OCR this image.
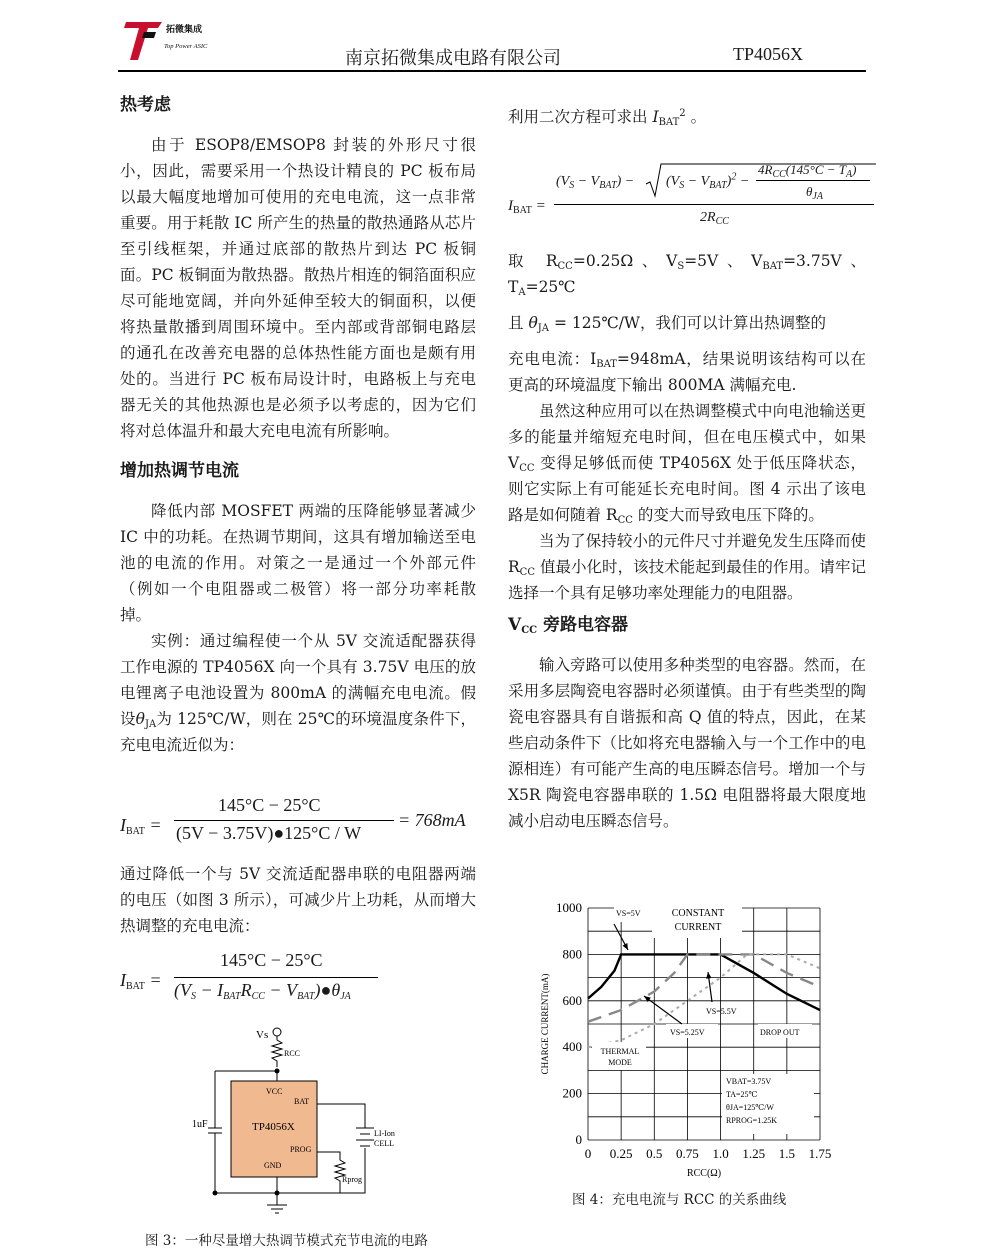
拓微集成
Top Power ASIC
南京拓微集成电路有限公司	TP4056X
热考虑

由于 ESOP8/EMSOP8 封装的外形尺寸很小，因此，需要采用一个热设计精良的 PC 板布局以最大幅度地增加可使用的充电电流，这一点非常重要。用于耗散 IC 所产生的热量的散热通路从芯片至引线框架，并通过底部的散热片到达 PC 板铜面。PC 板铜面为散热器。散热片相连的铜箔面积应尽可能地宽阔，并向外延伸至较大的铜面积，以便将热量散播到周围环境中。至内部或背部铜电路层的通孔在改善充电器的总体热性能方面也是颇有用处的。当进行 PC 板布局设计时，电路板上与充电器无关的其他热源也是必须予以考虑的，因为它们将对总体温升和最大充电电流有所影响。

增加热调节电流

降低内部 MOSFET 两端的压降能够显著减少 IC 中的功耗。在热调节期间，这具有增加输送至电池的电流的作用。对策之一是通过一个外部元件（例如一个电阻器或二极管）将一部分功率耗散掉。

实例：通过编程使一个从 5V 交流适配器获得工作电源的 TP4056X 向一个具有 3.75V 电压的放电锂离子电池设置为 800mA 的满幅充电电流。假设$\theta_{JA}$为 125℃/W，则在 25℃的环境温度条件下，充电电流近似为：

$I_{BAT}$ =
145°C − 25°C
(5V − 3.75V)●125°C / W
= 768mA

通过降低一个与 5V 交流适配器串联的电阻器两端的电压（如图 3 所示），可减少片上功耗，从而增大热调整的充电电流：

$I_{BAT}$ =
145°C − 25°C
($V_S - I_{BAT}R_{CC}$ − $V_{BAT})●\theta_{JA}$
Vs
RCC
VCC
BAT
TP4056X
PROG
GND
1uF
LI-Ion
CELL
Rprog
图 3：一种尽量增大热调节模式充节电流的电路

利用二次方程可求出 $I_{BAT}^2$ 。

$I_{BAT}$ =
$(V_S - V_{BAT}) - (V_S - V_{BAT})^2$ −
$4R_{CC}(145^\circ C - T_A)$
$\theta_{JA}$
$2R_{CC}$

取 $R_{CC}=0.25\Omega$、$V_S=5V$、$V_{BAT}=3.75V$、$T_A=25℃$

且 $\theta_{JA}$ = 125℃/W，我们可以计算出热调整的

充电电流：$I_{BAT}=948mA$，结果说明该结构可以在更高的环境温度下输出 800MA 满幅充电.

虽然这种应用可以在热调整模式中向电池输送更多的能量并缩短充电时间，但在电压模式中，如果 $V_{CC}$ 变得足够低而使 TP4056X 处于低压降状态，则它实际上有可能延长充电时间。图 4 示出了该电路是如何随着 $R_{CC}$ 的变大而导致电压下降的。

当为了保持较小的元件尺寸并避免发生压降而使 $R_{CC}$ 值最小化时，该技术能起到最佳的作用。请牢记选择一个具有足够功率处理能力的电阻器。

$V_{CC}$ 旁路电容器

输入旁路可以使用多种类型的电容器。然而，在采用多层陶瓷电容器时必须谨慎。由于有些类型的陶瓷电容器具有自谐振和高 Q 值的特点，因此，在某些启动条件下（比如将充电器输入与一个工作中的电源相连）有可能产生高的电压瞬态信号。增加一个与 X5R 陶瓷电容器串联的 1.5Ω 电阻器将最大限度地减小启动电压瞬态信号。

0 0.25 0.5 0.75 1.0 1.25 1.5 1.75
0
200
400
600
800
1000
RCC(Ω)
CHARGE CURRENT(mA)
VS=5V	CONSTANT
CURRENT
VS=5.5V
VS=5.25V	DROP OUT
THERMAL
MODE
VBAT=3.75V
TA=25℃
θJA=125℃/W
RPROG=1.25K
图 4：充电电流与 RCC 的关系曲线
